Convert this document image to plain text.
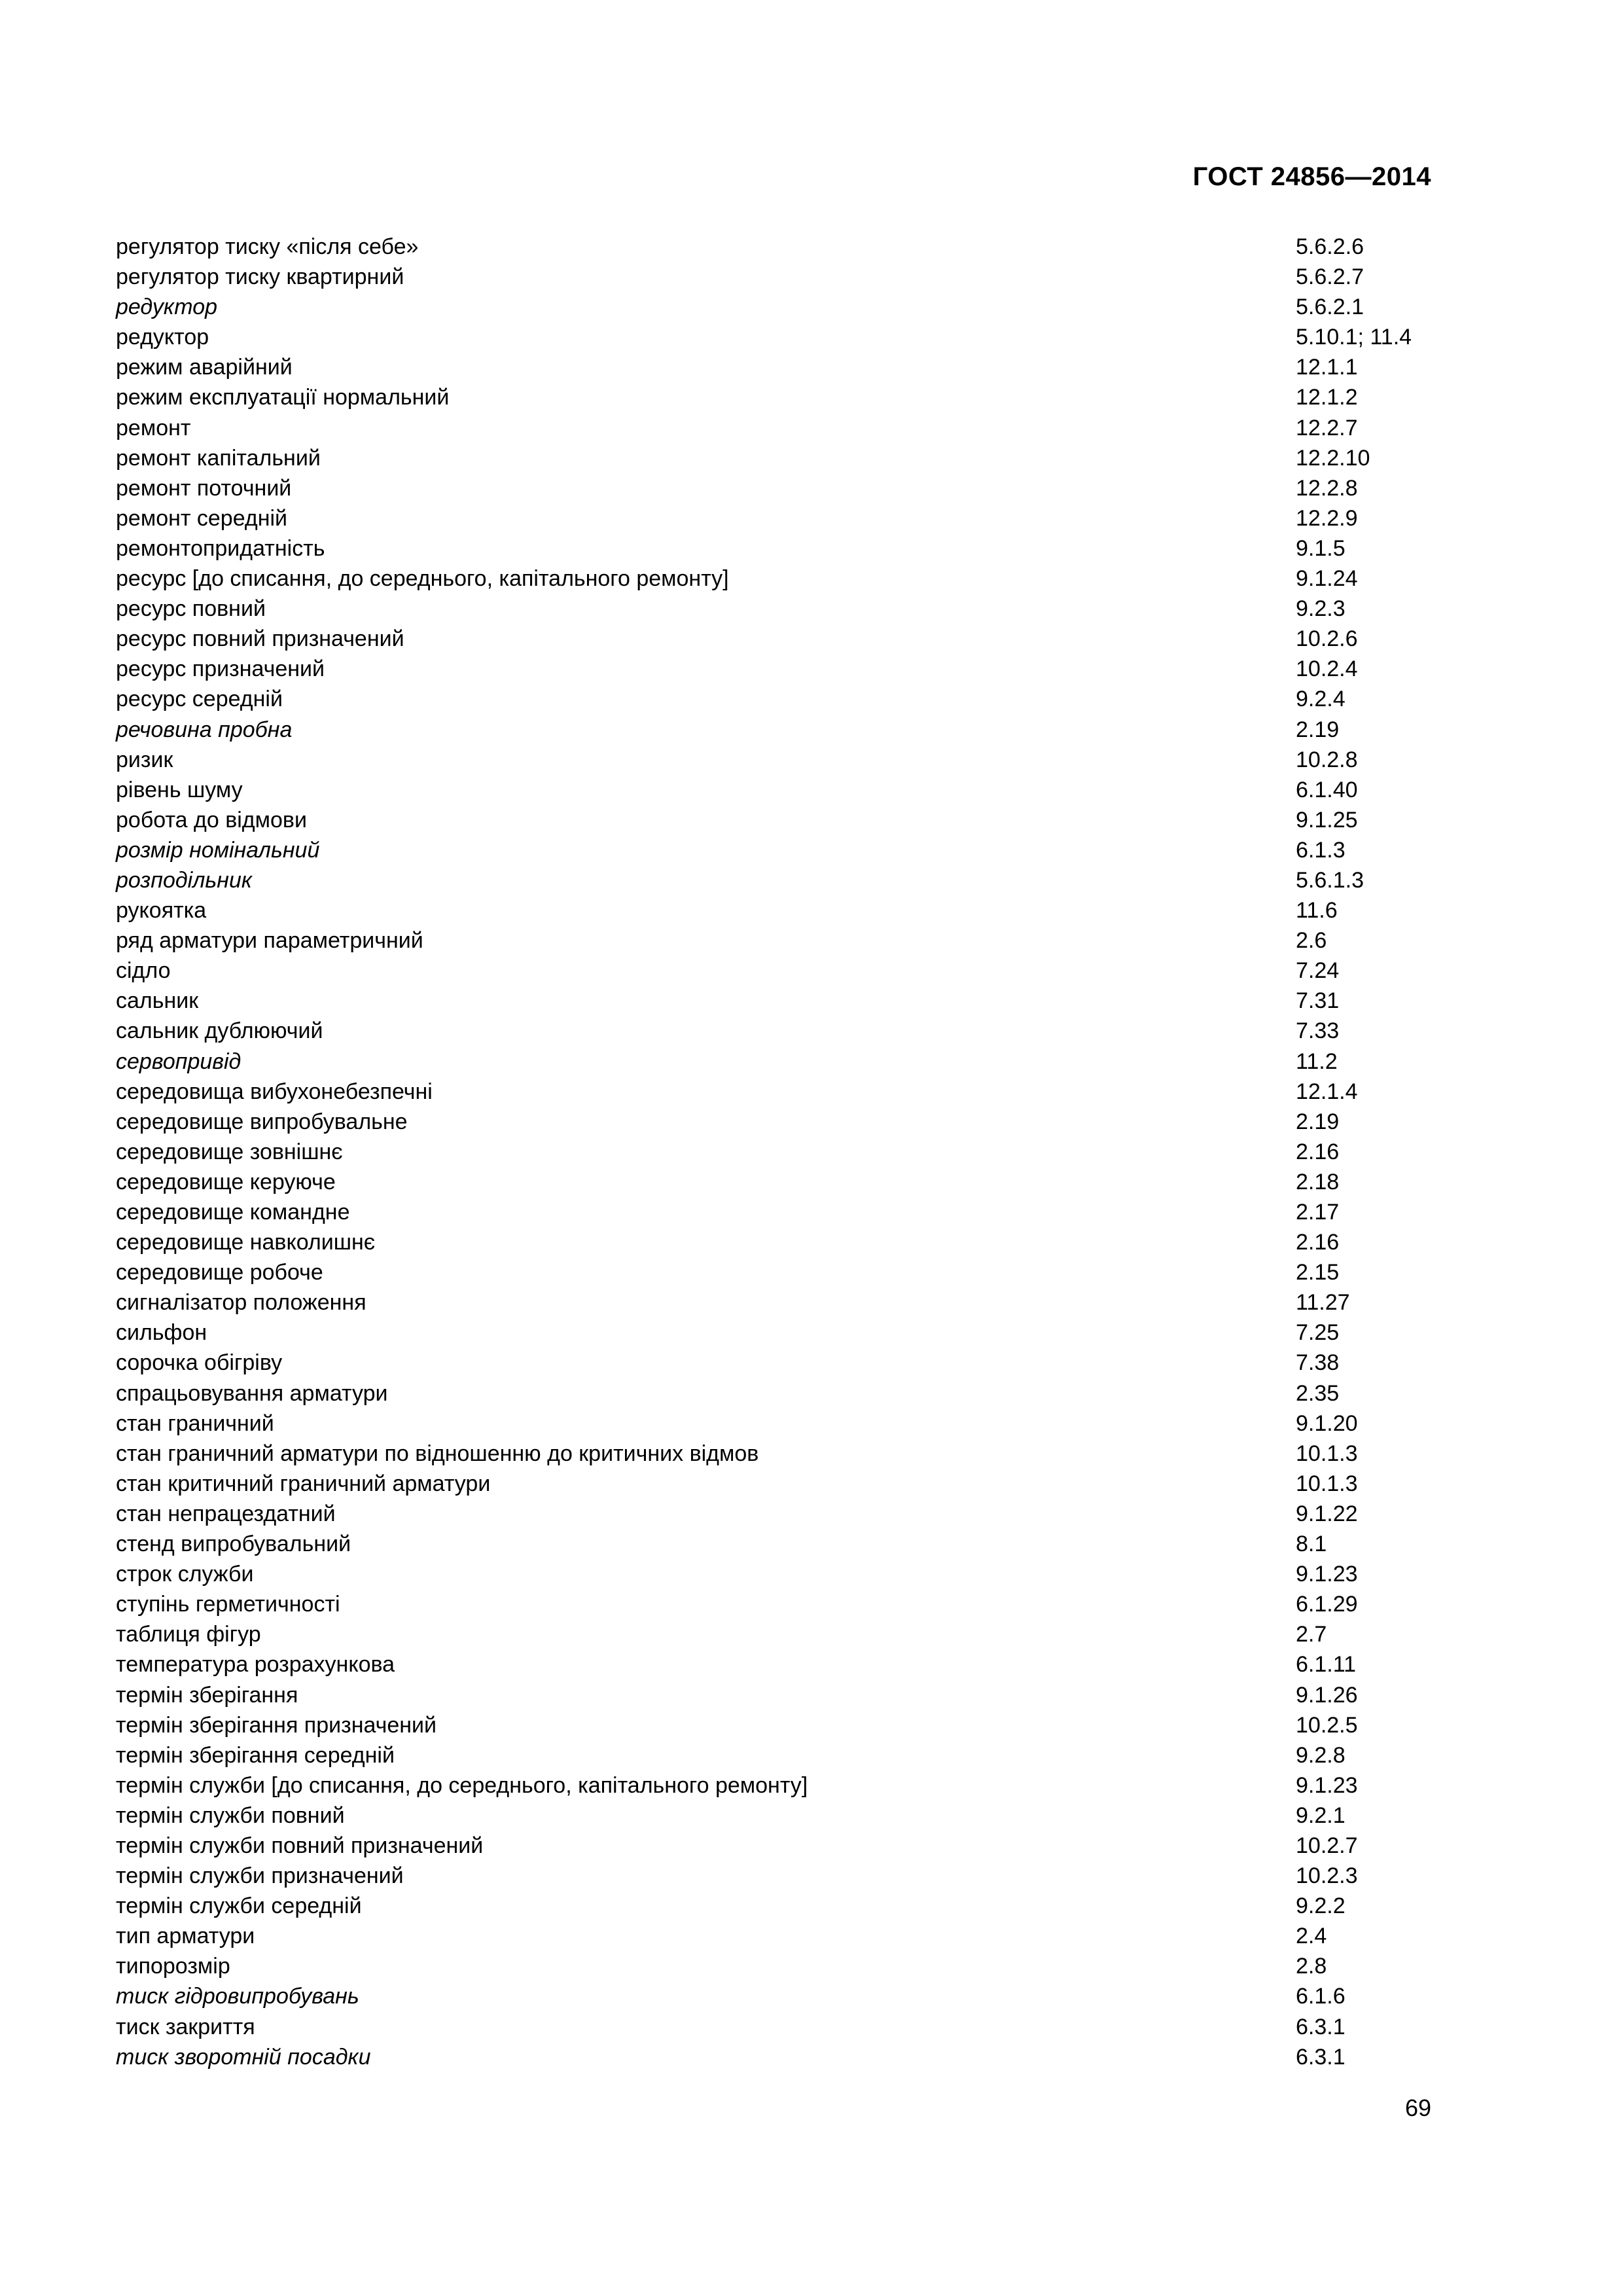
ГОСТ 24856—2014
регулятор тиску «після себе»	5.6.2.6
регулятор тиску квартирний	5.6.2.7
редуктор	5.6.2.1
редуктор	5.10.1; 11.4
режим аварійний	12.1.1
режим експлуатації нормальний	12.1.2
ремонт	12.2.7
ремонт капітальний	12.2.10
ремонт поточний	12.2.8
ремонт середній	12.2.9
ремонтопридатність	9.1.5
ресурс [до списання, до середнього, капітального ремонту]	9.1.24
ресурс повний	9.2.3
ресурс повний призначений	10.2.6
ресурс призначений	10.2.4
ресурс середній	9.2.4
речовина пробна	2.19
ризик	10.2.8
рівень шуму	6.1.40
робота до відмови	9.1.25
розмір номінальний	6.1.3
розподільник	5.6.1.3
рукоятка	11.6
ряд арматури параметричний	2.6
сідло	7.24
сальник	7.31
сальник дублюючий	7.33
сервопривід	11.2
середовища вибухонебезпечні	12.1.4
середовище випробувальне	2.19
середовище зовнішнє	2.16
середовище керуюче	2.18
середовище командне	2.17
середовище навколишнє	2.16
середовище робоче	2.15
сигналізатор положення	11.27
сильфон	7.25
сорочка обігріву	7.38
спрацьовування арматури	2.35
стан граничний	9.1.20
стан граничний арматури по відношенню до критичних відмов	10.1.3
стан критичний граничний арматури	10.1.3
стан непрацездатний	9.1.22
стенд випробувальний	8.1
строк служби	9.1.23
ступінь герметичності	6.1.29
таблиця фігур	2.7
температура розрахункова	6.1.11
термін зберігання	9.1.26
термін зберігання призначений	10.2.5
термін зберігання середній	9.2.8
термін служби [до списання, до середнього, капітального ремонту]	9.1.23
термін служби повний	9.2.1
термін служби повний призначений	10.2.7
термін служби призначений	10.2.3
термін служби середній	9.2.2
тип арматури	2.4
типорозмір	2.8
тиск гідровипробувань	6.1.6
тиск закриття	6.3.1
тиск зворотній посадки	6.3.1
69
